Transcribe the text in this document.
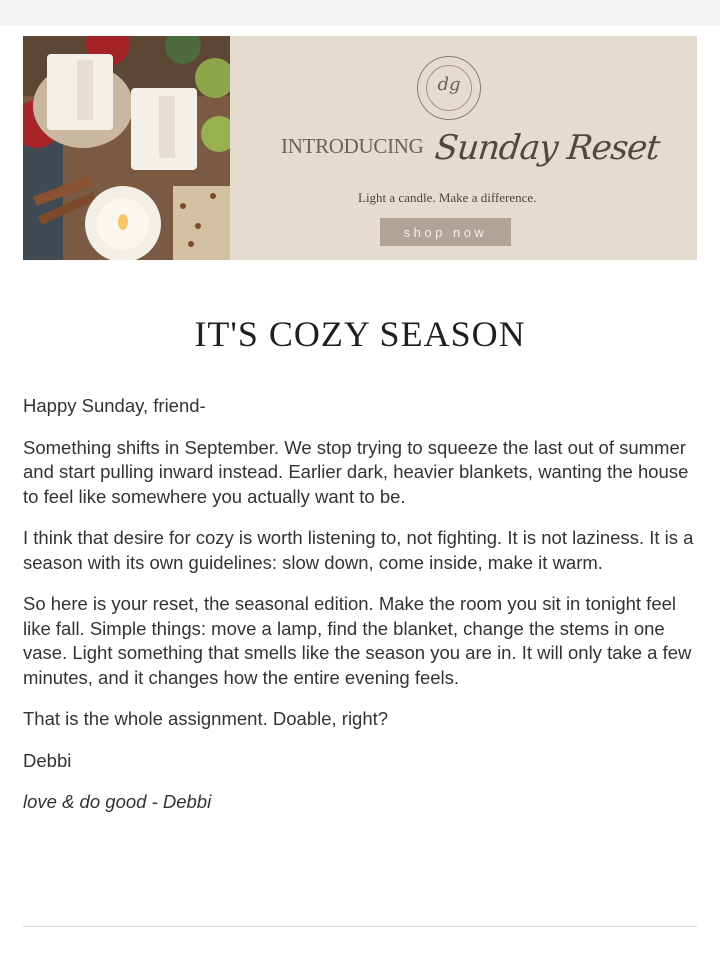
dg
INTRODUCING Sunday Reset
Light a candle. Make a difference.
shop now
IT'S COZY SEASON

Happy Sunday, friend-

Something shifts in September. We stop trying to squeeze the last out of summer and start pulling inward instead. Earlier dark, heavier blankets, wanting the house to feel like somewhere you actually want to be.

I think that desire for cozy is worth listening to, not fighting. It is not laziness. It is a season with its own guidelines: slow down, come inside, make it warm.

So here is your reset, the seasonal edition. Make the room you sit in tonight feel like fall. Simple things: move a lamp, find the blanket, change the stems in one vase. Light something that smells like the season you are in. It will only take a few minutes, and it changes how the entire evening feels.

That is the whole assignment. Doable, right?

Debbi

love & do good - Debbi
